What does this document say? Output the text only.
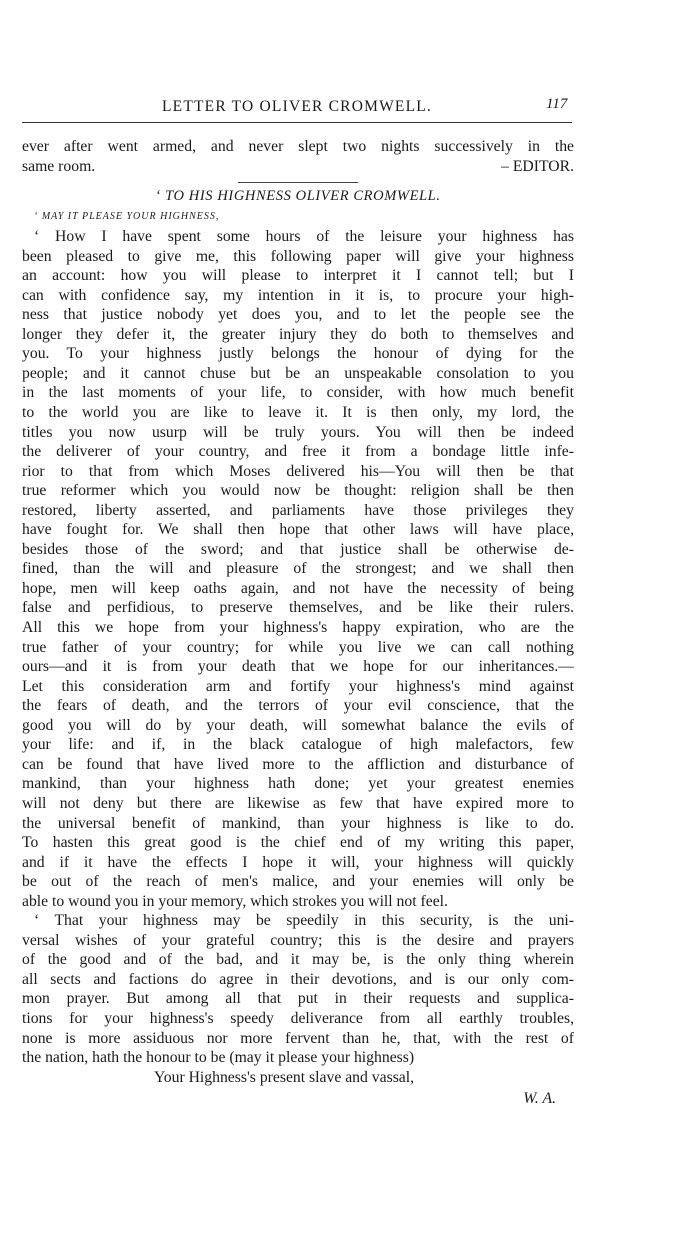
LETTER TO OLIVER CROMWELL.	117
ever after went armed, and never slept two nights successively in the
same room.	– EDITOR.
‘ TO HIS HIGHNESS OLIVER CROMWELL.
‘ MAY IT PLEASE YOUR HIGHNESS,
‘ How I have spent some hours of the leisure your highness has
been pleased to give me, this following paper will give your highness
an account: how you will please to interpret it I cannot tell; but I
can with confidence say, my intention in it is, to procure your high-
ness that justice nobody yet does you, and to let the people see the
longer they defer it, the greater injury they do both to themselves and
you. To your highness justly belongs the honour of dying for the
people; and it cannot chuse but be an unspeakable consolation to you
in the last moments of your life, to consider, with how much benefit
to the world you are like to leave it. It is then only, my lord, the
titles you now usurp will be truly yours. You will then be indeed
the deliverer of your country, and free it from a bondage little infe-
rior to that from which Moses delivered his—You will then be that
true reformer which you would now be thought: religion shall be then
restored, liberty asserted, and parliaments have those privileges they
have fought for. We shall then hope that other laws will have place,
besides those of the sword; and that justice shall be otherwise de-
fined, than the will and pleasure of the strongest; and we shall then
hope, men will keep oaths again, and not have the necessity of being
false and perfidious, to preserve themselves, and be like their rulers.
All this we hope from your highness's happy expiration, who are the
true father of your country; for while you live we can call nothing
ours—and it is from your death that we hope for our inheritances.—
Let this consideration arm and fortify your highness's mind against
the fears of death, and the terrors of your evil conscience, that the
good you will do by your death, will somewhat balance the evils of
your life: and if, in the black catalogue of high malefactors, few
can be found that have lived more to the affliction and disturbance of
mankind, than your highness hath done; yet your greatest enemies
will not deny but there are likewise as few that have expired more to
the universal benefit of mankind, than your highness is like to do.
To hasten this great good is the chief end of my writing this paper,
and if it have the effects I hope it will, your highness will quickly
be out of the reach of men's malice, and your enemies will only be
able to wound you in your memory, which strokes you will not feel.
‘ That your highness may be speedily in this security, is the uni-
versal wishes of your grateful country; this is the desire and prayers
of the good and of the bad, and it may be, is the only thing wherein
all sects and factions do agree in their devotions, and is our only com-
mon prayer. But among all that put in their requests and supplica-
tions for your highness's speedy deliverance from all earthly troubles,
none is more assiduous nor more fervent than he, that, with the rest of
the nation, hath the honour to be (may it please your highness)
Your Highness's present slave and vassal,
W. A.
